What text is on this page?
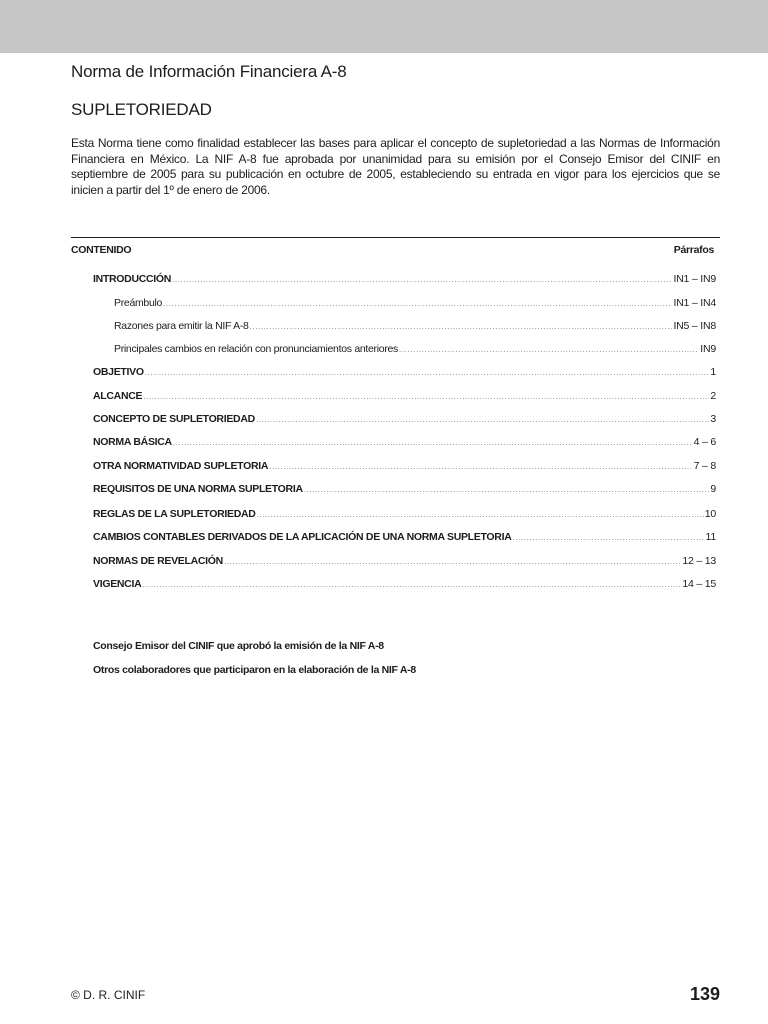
Norma de Información Financiera A-8
SUPLETORIEDAD

Esta Norma tiene como finalidad establecer las bases para aplicar el concepto de supletoriedad a las Normas de Información Financiera en México. La NIF A-8 fue aprobada por unanimidad para su emisión por el Consejo Emisor del CINIF en septiembre de 2005 para su publicación en octubre de 2005, estableciendo su entrada en vigor para los ejercicios que se inicien a partir del 1º de enero de 2006.

CONTENIDO	Párrafos
INTRODUCCIÓN .....	IN1 – IN9
Preámbulo .....	IN1 – IN4
Razones para emitir la NIF A-8 .....	IN5 – IN8
Principales cambios en relación con pronunciamientos anteriores .....	IN9
OBJETIVO .....	1
ALCANCE .....	2
CONCEPTO DE SUPLETORIEDAD .....	3
NORMA BÁSICA .....	4 – 6
OTRA NORMATIVIDAD SUPLETORIA .....	7 – 8
REQUISITOS DE UNA NORMA SUPLETORIA .....	9
REGLAS DE LA SUPLETORIEDAD .....	10
CAMBIOS CONTABLES DERIVADOS DE LA APLICACIÓN DE UNA NORMA SUPLETORIA .....	11
NORMAS DE REVELACIÓN .....	12 – 13
VIGENCIA .....	14 – 15
Consejo Emisor del CINIF que aprobó la emisión de la NIF A-8
Otros colaboradores que participaron en la elaboración de la NIF A-8
© D. R. CINIF	139
